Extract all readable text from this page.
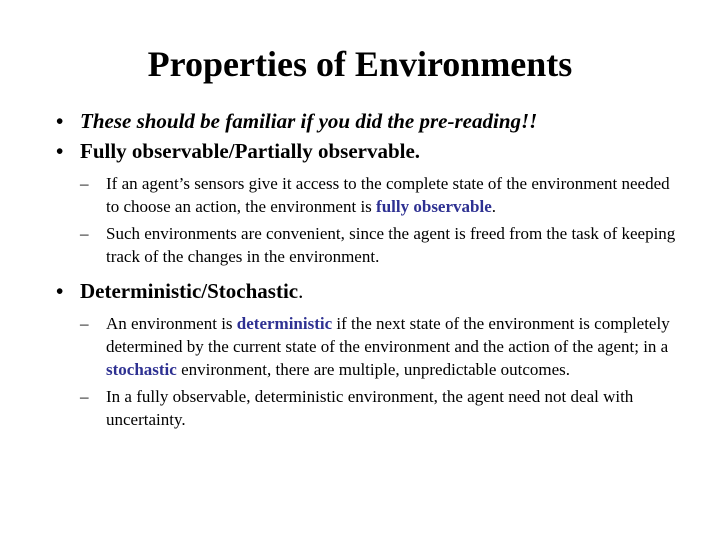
Properties of Environments
• These should be familiar if you did the pre-reading!!
• Fully observable/Partially observable.
– If an agent’s sensors give it access to the complete state of the environment needed to choose an action, the environment is fully observable.
– Such environments are convenient, since the agent is freed from the task of keeping track of the changes in the environment.
• Deterministic/Stochastic.
– An environment is deterministic if the next state of the environment is completely determined by the current state of the environment and the action of the agent; in a stochastic environment, there are multiple, unpredictable outcomes.
– In a fully observable, deterministic environment, the agent need not deal with uncertainty.
